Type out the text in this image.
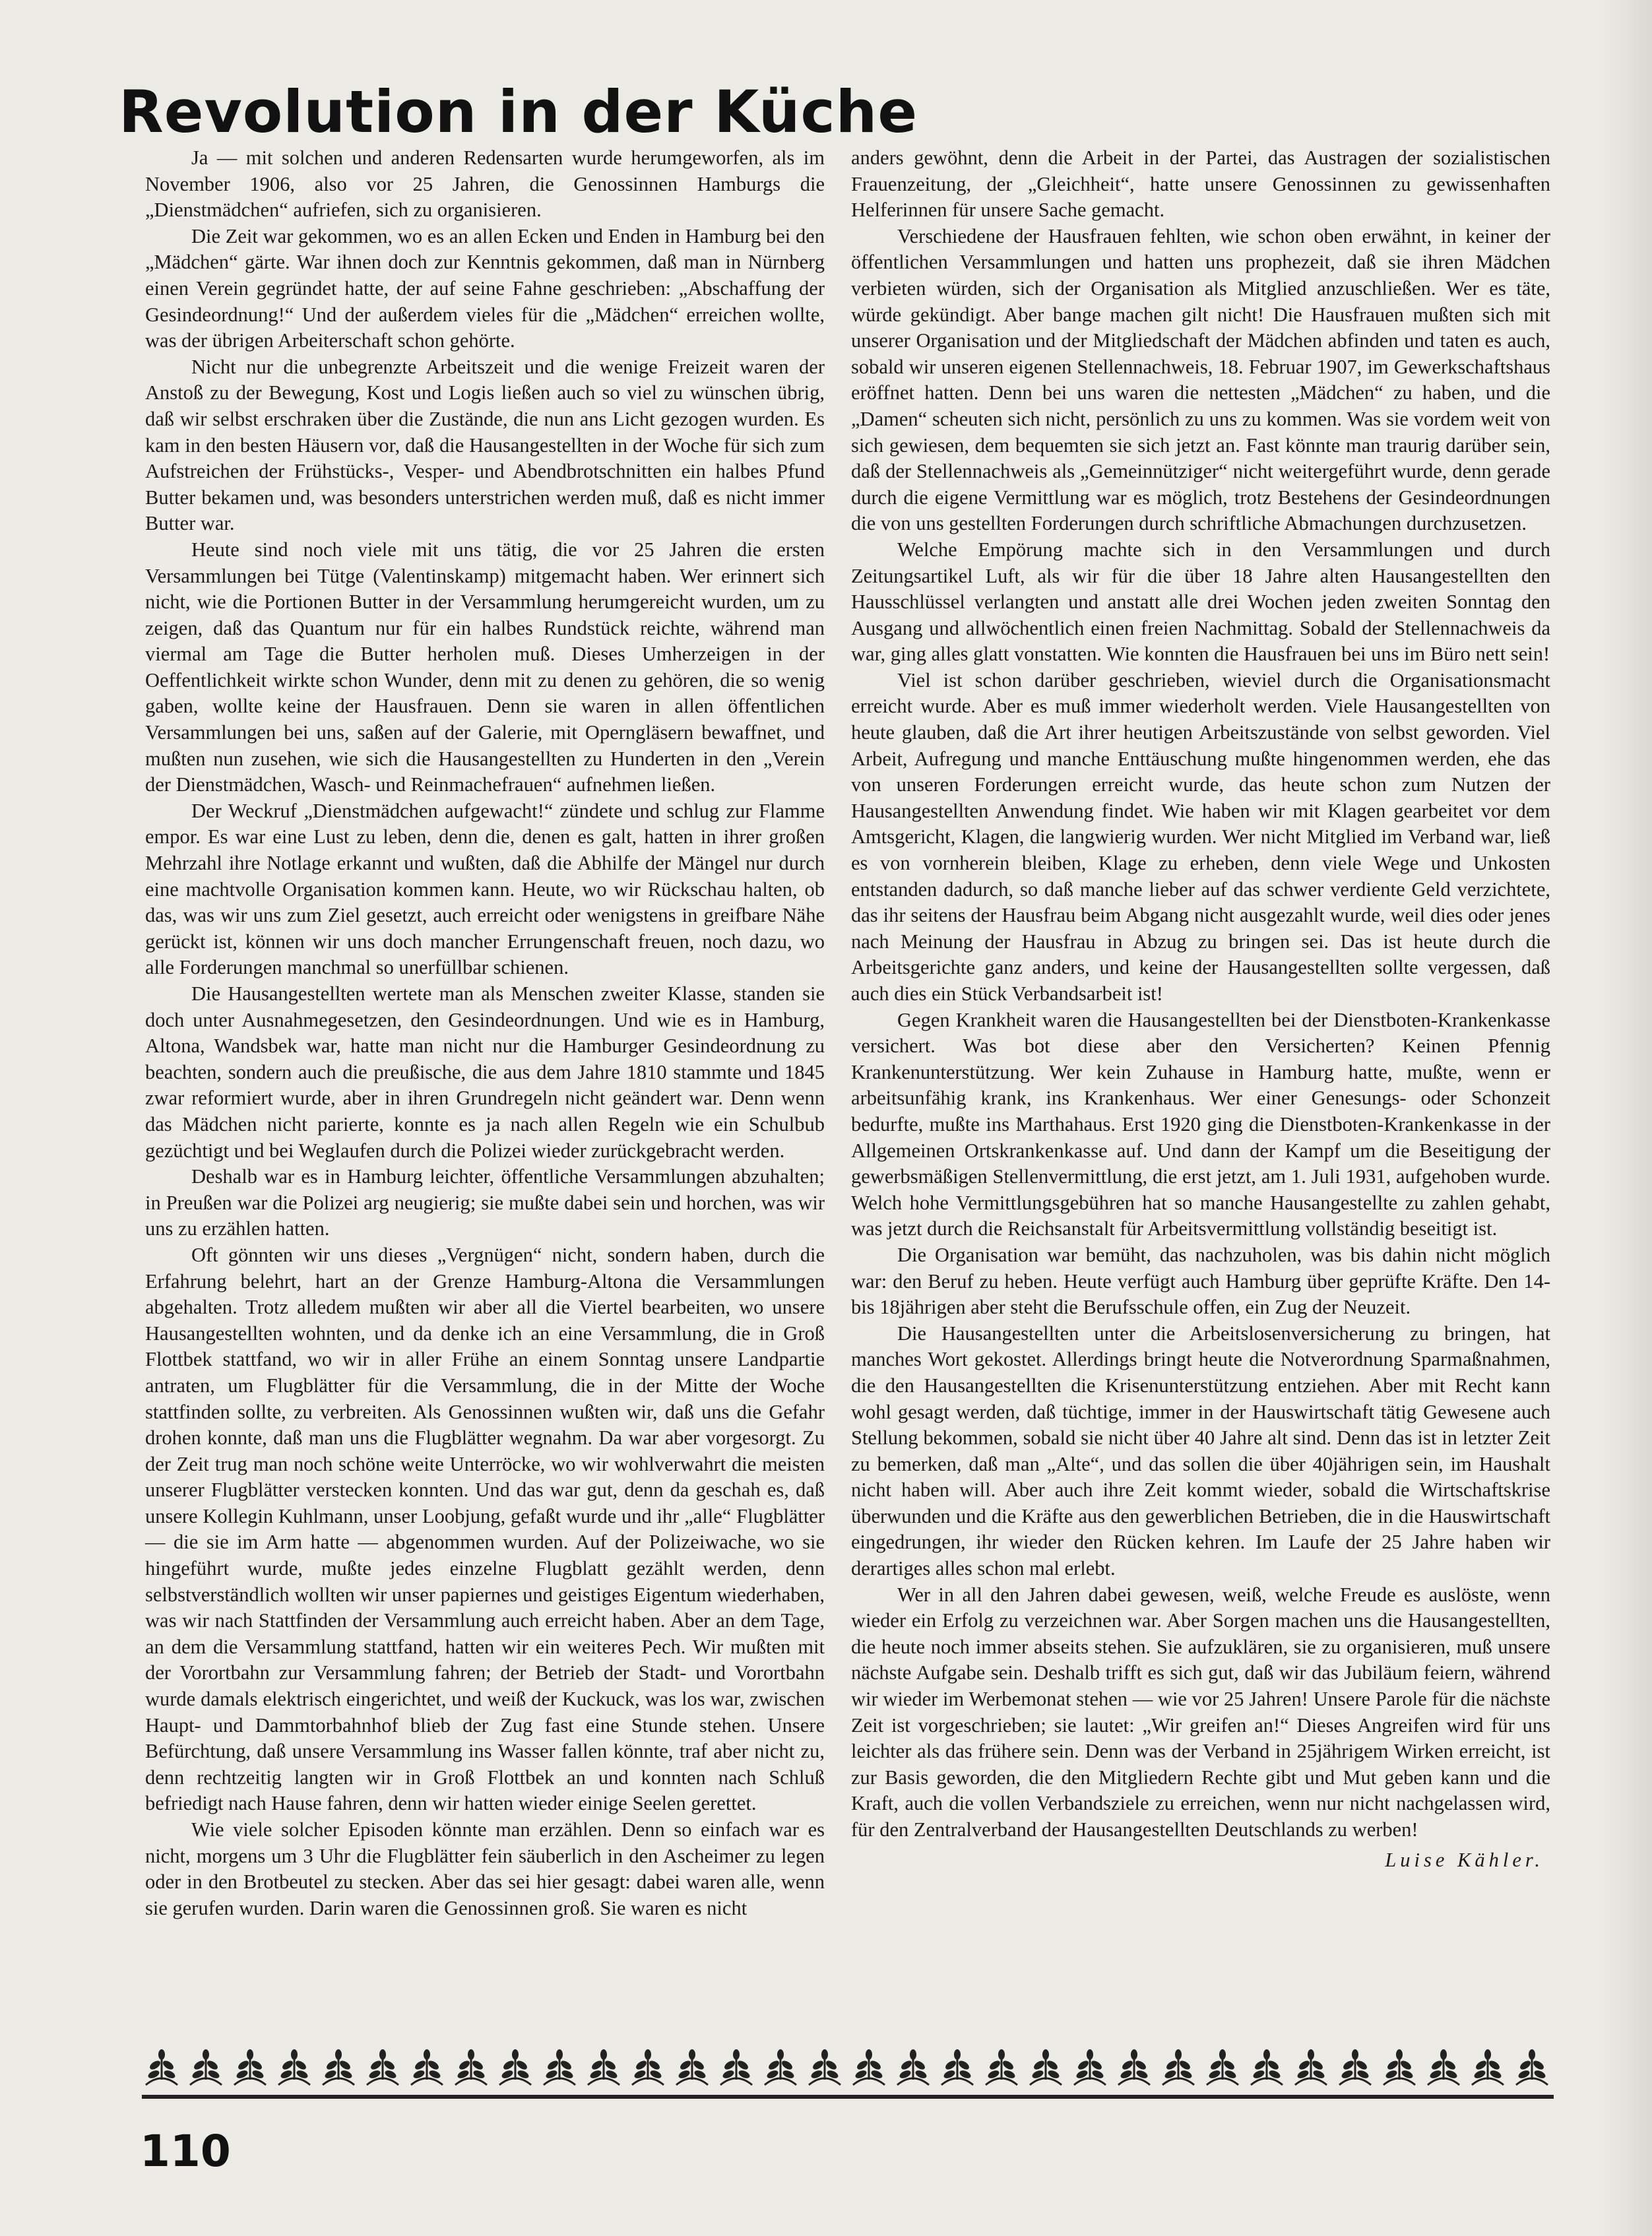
Revolution in der Küche

Ja — mit solchen und anderen Redensarten wurde herumgeworfen, als im November 1906, also vor 25 Jahren, die Genossinnen Hamburgs die „Dienstmädchen“ aufriefen, sich zu organisieren.

Die Zeit war gekommen, wo es an allen Ecken und Enden in Hamburg bei den „Mädchen“ gärte. War ihnen doch zur Kenntnis gekommen, daß man in Nürnberg einen Verein gegründet hatte, der auf seine Fahne geschrieben: „Abschaffung der Gesindeordnung!“ Und der außerdem vieles für die „Mädchen“ erreichen wollte, was der übrigen Arbeiterschaft schon gehörte.

Nicht nur die unbegrenzte Arbeitszeit und die wenige Freizeit waren der Anstoß zu der Bewegung, Kost und Logis ließen auch so viel zu wünschen übrig, daß wir selbst erschraken über die Zustände, die nun ans Licht gezogen wurden. Es kam in den besten Häusern vor, daß die Hausangestellten in der Woche für sich zum Aufstreichen der Frühstücks-, Vesper- und Abendbrotschnitten ein halbes Pfund Butter bekamen und, was besonders unterstrichen werden muß, daß es nicht immer Butter war.

Heute sind noch viele mit uns tätig, die vor 25 Jahren die ersten Versammlungen bei Tütge (Valentinskamp) mitgemacht haben. Wer erinnert sich nicht, wie die Portionen Butter in der Versammlung herumgereicht wurden, um zu zeigen, daß das Quantum nur für ein halbes Rundstück reichte, während man viermal am Tage die Butter herholen muß. Dieses Umherzeigen in der Oeffentlichkeit wirkte schon Wunder, denn mit zu denen zu gehören, die so wenig gaben, wollte keine der Hausfrauen. Denn sie waren in allen öffentlichen Versammlungen bei uns, saßen auf der Galerie, mit Operngläsern bewaffnet, und mußten nun zusehen, wie sich die Hausangestellten zu Hunderten in den „Verein der Dienstmädchen, Wasch- und Reinmachefrauen“ aufnehmen ließen.

Der Weckruf „Dienstmädchen aufgewacht!“ zündete und schlug zur Flamme empor. Es war eine Lust zu leben, denn die, denen es galt, hatten in ihrer großen Mehrzahl ihre Notlage erkannt und wußten, daß die Abhilfe der Mängel nur durch eine machtvolle Organisation kommen kann. Heute, wo wir Rückschau halten, ob das, was wir uns zum Ziel gesetzt, auch erreicht oder wenigstens in greifbare Nähe gerückt ist, können wir uns doch mancher Errungenschaft freuen, noch dazu, wo alle Forderungen manchmal so unerfüllbar schienen.

Die Hausangestellten wertete man als Menschen zweiter Klasse, standen sie doch unter Ausnahmegesetzen, den Gesindeordnungen. Und wie es in Hamburg, Altona, Wandsbek war, hatte man nicht nur die Hamburger Gesindeordnung zu beachten, sondern auch die preußische, die aus dem Jahre 1810 stammte und 1845 zwar reformiert wurde, aber in ihren Grundregeln nicht geändert war. Denn wenn das Mädchen nicht parierte, konnte es ja nach allen Regeln wie ein Schulbub gezüchtigt und bei Weglaufen durch die Polizei wieder zurückgebracht werden.

Deshalb war es in Hamburg leichter, öffentliche Versammlungen abzuhalten; in Preußen war die Polizei arg neugierig; sie mußte dabei sein und horchen, was wir uns zu erzählen hatten.

Oft gönnten wir uns dieses „Vergnügen“ nicht, sondern haben, durch die Erfahrung belehrt, hart an der Grenze Hamburg-Altona die Versammlungen abgehalten. Trotz alledem mußten wir aber all die Viertel bearbeiten, wo unsere Hausangestellten wohnten, und da denke ich an eine Versammlung, die in Groß Flottbek stattfand, wo wir in aller Frühe an einem Sonntag unsere Landpartie antraten, um Flugblätter für die Versammlung, die in der Mitte der Woche stattfinden sollte, zu verbreiten. Als Genossinnen wußten wir, daß uns die Gefahr drohen konnte, daß man uns die Flugblätter wegnahm. Da war aber vorgesorgt. Zu der Zeit trug man noch schöne weite Unterröcke, wo wir wohlverwahrt die meisten unserer Flugblätter verstecken konnten. Und das war gut, denn da geschah es, daß unsere Kollegin Kuhlmann, unser Loobjung, gefaßt wurde und ihr „alle“ Flugblätter — die sie im Arm hatte — abgenommen wurden. Auf der Polizeiwache, wo sie hingeführt wurde, mußte jedes einzelne Flugblatt gezählt werden, denn selbstverständlich wollten wir unser papiernes und geistiges Eigentum wiederhaben, was wir nach Stattfinden der Versammlung auch erreicht haben. Aber an dem Tage, an dem die Versammlung stattfand, hatten wir ein weiteres Pech. Wir mußten mit der Vorortbahn zur Versammlung fahren; der Betrieb der Stadt- und Vorortbahn wurde damals elektrisch eingerichtet, und weiß der Kuckuck, was los war, zwischen Haupt- und Dammtorbahnhof blieb der Zug fast eine Stunde stehen. Unsere Befürchtung, daß unsere Versammlung ins Wasser fallen könnte, traf aber nicht zu, denn rechtzeitig langten wir in Groß Flottbek an und konnten nach Schluß befriedigt nach Hause fahren, denn wir hatten wieder einige Seelen gerettet.

Wie viele solcher Episoden könnte man erzählen. Denn so einfach war es nicht, morgens um 3 Uhr die Flugblätter fein säuberlich in den Ascheimer zu legen oder in den Brotbeutel zu stecken. Aber das sei hier gesagt: dabei waren alle, wenn sie gerufen wurden. Darin waren die Genossinnen groß. Sie waren es nicht

anders gewöhnt, denn die Arbeit in der Partei, das Austragen der sozialistischen Frauenzeitung, der „Gleichheit“, hatte unsere Genossinnen zu gewissenhaften Helferinnen für unsere Sache gemacht.

Verschiedene der Hausfrauen fehlten, wie schon oben erwähnt, in keiner der öffentlichen Versammlungen und hatten uns prophezeit, daß sie ihren Mädchen verbieten würden, sich der Organisation als Mitglied anzuschließen. Wer es täte, würde gekündigt. Aber bange machen gilt nicht! Die Hausfrauen mußten sich mit unserer Organisation und der Mitgliedschaft der Mädchen abfinden und taten es auch, sobald wir unseren eigenen Stellennachweis, 18. Februar 1907, im Gewerkschaftshaus eröffnet hatten. Denn bei uns waren die nettesten „Mädchen“ zu haben, und die „Damen“ scheuten sich nicht, persönlich zu uns zu kommen. Was sie vordem weit von sich gewiesen, dem bequemten sie sich jetzt an. Fast könnte man traurig darüber sein, daß der Stellennachweis als „Gemeinnütziger“ nicht weitergeführt wurde, denn gerade durch die eigene Vermittlung war es möglich, trotz Bestehens der Gesindeordnungen die von uns gestellten Forderungen durch schriftliche Abmachungen durchzusetzen.

Welche Empörung machte sich in den Versammlungen und durch Zeitungsartikel Luft, als wir für die über 18 Jahre alten Hausangestellten den Hausschlüssel verlangten und anstatt alle drei Wochen jeden zweiten Sonntag den Ausgang und allwöchentlich einen freien Nachmittag. Sobald der Stellennachweis da war, ging alles glatt vonstatten. Wie konnten die Hausfrauen bei uns im Büro nett sein!

Viel ist schon darüber geschrieben, wieviel durch die Organisationsmacht erreicht wurde. Aber es muß immer wiederholt werden. Viele Hausangestellten von heute glauben, daß die Art ihrer heutigen Arbeitszustände von selbst geworden. Viel Arbeit, Aufregung und manche Enttäuschung mußte hingenommen werden, ehe das von unseren Forderungen erreicht wurde, das heute schon zum Nutzen der Hausangestellten Anwendung findet. Wie haben wir mit Klagen gearbeitet vor dem Amtsgericht, Klagen, die langwierig wurden. Wer nicht Mitglied im Verband war, ließ es von vornherein bleiben, Klage zu erheben, denn viele Wege und Unkosten entstanden dadurch, so daß manche lieber auf das schwer verdiente Geld verzichtete, das ihr seitens der Hausfrau beim Abgang nicht ausgezahlt wurde, weil dies oder jenes nach Meinung der Hausfrau in Abzug zu bringen sei. Das ist heute durch die Arbeitsgerichte ganz anders, und keine der Hausangestellten sollte vergessen, daß auch dies ein Stück Verbandsarbeit ist!

Gegen Krankheit waren die Hausangestellten bei der Dienstboten-Krankenkasse versichert. Was bot diese aber den Versicherten? Keinen Pfennig Krankenunterstützung. Wer kein Zuhause in Hamburg hatte, mußte, wenn er arbeitsunfähig krank, ins Krankenhaus. Wer einer Genesungs- oder Schonzeit bedurfte, mußte ins Marthahaus. Erst 1920 ging die Dienstboten-Krankenkasse in der Allgemeinen Ortskrankenkasse auf. Und dann der Kampf um die Beseitigung der gewerbsmäßigen Stellenvermittlung, die erst jetzt, am 1. Juli 1931, aufgehoben wurde. Welch hohe Vermittlungsgebühren hat so manche Hausangestellte zu zahlen gehabt, was jetzt durch die Reichsanstalt für Arbeitsvermittlung vollständig beseitigt ist.

Die Organisation war bemüht, das nachzuholen, was bis dahin nicht möglich war: den Beruf zu heben. Heute verfügt auch Hamburg über geprüfte Kräfte. Den 14- bis 18jährigen aber steht die Berufsschule offen, ein Zug der Neuzeit.

Die Hausangestellten unter die Arbeitslosenversicherung zu bringen, hat manches Wort gekostet. Allerdings bringt heute die Notverordnung Sparmaßnahmen, die den Hausangestellten die Krisenunterstützung entziehen. Aber mit Recht kann wohl gesagt werden, daß tüchtige, immer in der Hauswirtschaft tätig Gewesene auch Stellung bekommen, sobald sie nicht über 40 Jahre alt sind. Denn das ist in letzter Zeit zu bemerken, daß man „Alte“, und das sollen die über 40jährigen sein, im Haushalt nicht haben will. Aber auch ihre Zeit kommt wieder, sobald die Wirtschaftskrise überwunden und die Kräfte aus den gewerblichen Betrieben, die in die Hauswirtschaft eingedrungen, ihr wieder den Rücken kehren. Im Laufe der 25 Jahre haben wir derartiges alles schon mal erlebt.

Wer in all den Jahren dabei gewesen, weiß, welche Freude es auslöste, wenn wieder ein Erfolg zu verzeichnen war. Aber Sorgen machen uns die Hausangestellten, die heute noch immer abseits stehen. Sie aufzuklären, sie zu organisieren, muß unsere nächste Aufgabe sein. Deshalb trifft es sich gut, daß wir das Jubiläum feiern, während wir wieder im Werbemonat stehen — wie vor 25 Jahren! Unsere Parole für die nächste Zeit ist vorgeschrieben; sie lautet: „Wir greifen an!“ Dieses Angreifen wird für uns leichter als das frühere sein. Denn was der Verband in 25jährigem Wirken erreicht, ist zur Basis geworden, die den Mitgliedern Rechte gibt und Mut geben kann und die Kraft, auch die vollen Verbandsziele zu erreichen, wenn nur nicht nachgelassen wird, für den Zentralverband der Hausangestellten Deutschlands zu werben!

Luise Kähler.
110
